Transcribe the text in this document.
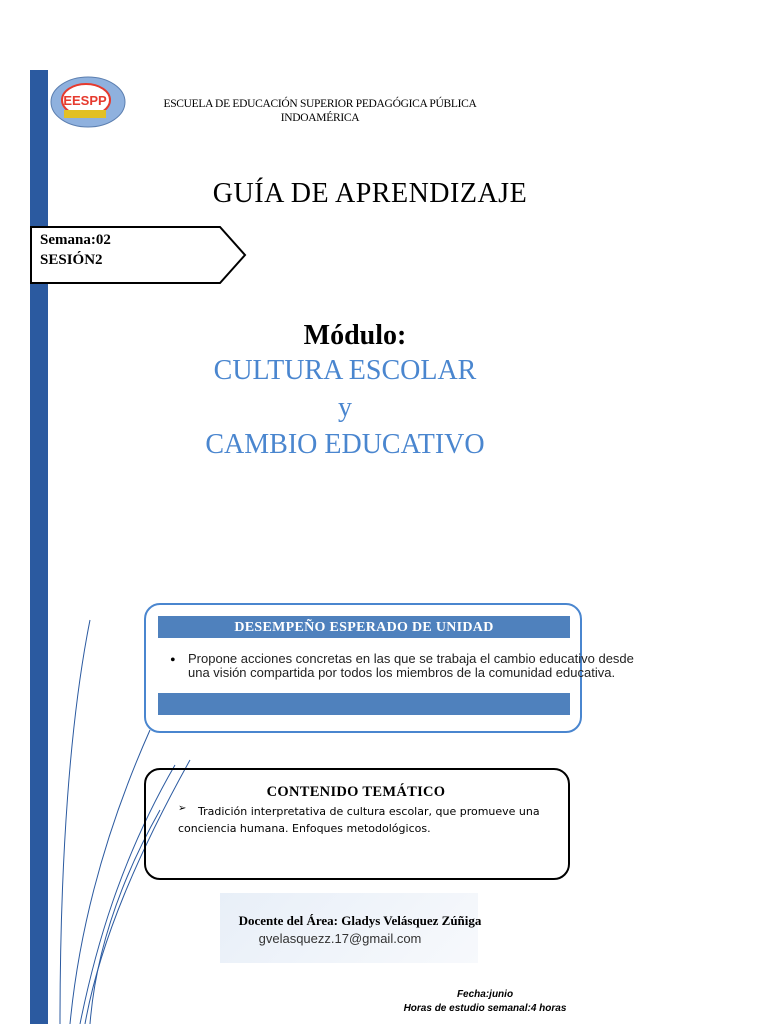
EESPP	ESCUELA DE EDUCACIÓN SUPERIOR PEDAGÓGICA PÚBLICA
INDOAMÉRICA
GUÍA DE APRENDIZAJE
Semana:02
SESIÓN2
Módulo:
CULTURA ESCOLAR
y
CAMBIO EDUCATIVO
DESEMPEÑO ESPERADO DE UNIDAD
• Propone acciones concretas en las que se trabaja el cambio educativo desde una visión compartida por todos los miembros de la comunidad educativa.
CONTENIDO TEMÁTICO
➢ Tradición interpretativa de cultura escolar, que promueve una
conciencia humana. Enfoques metodológicos.
Docente del Área: Gladys Velásquez Zúñiga
gvelasquezz.17@gmail.com
Fecha:junio
Horas de estudio semanal:4 horas
